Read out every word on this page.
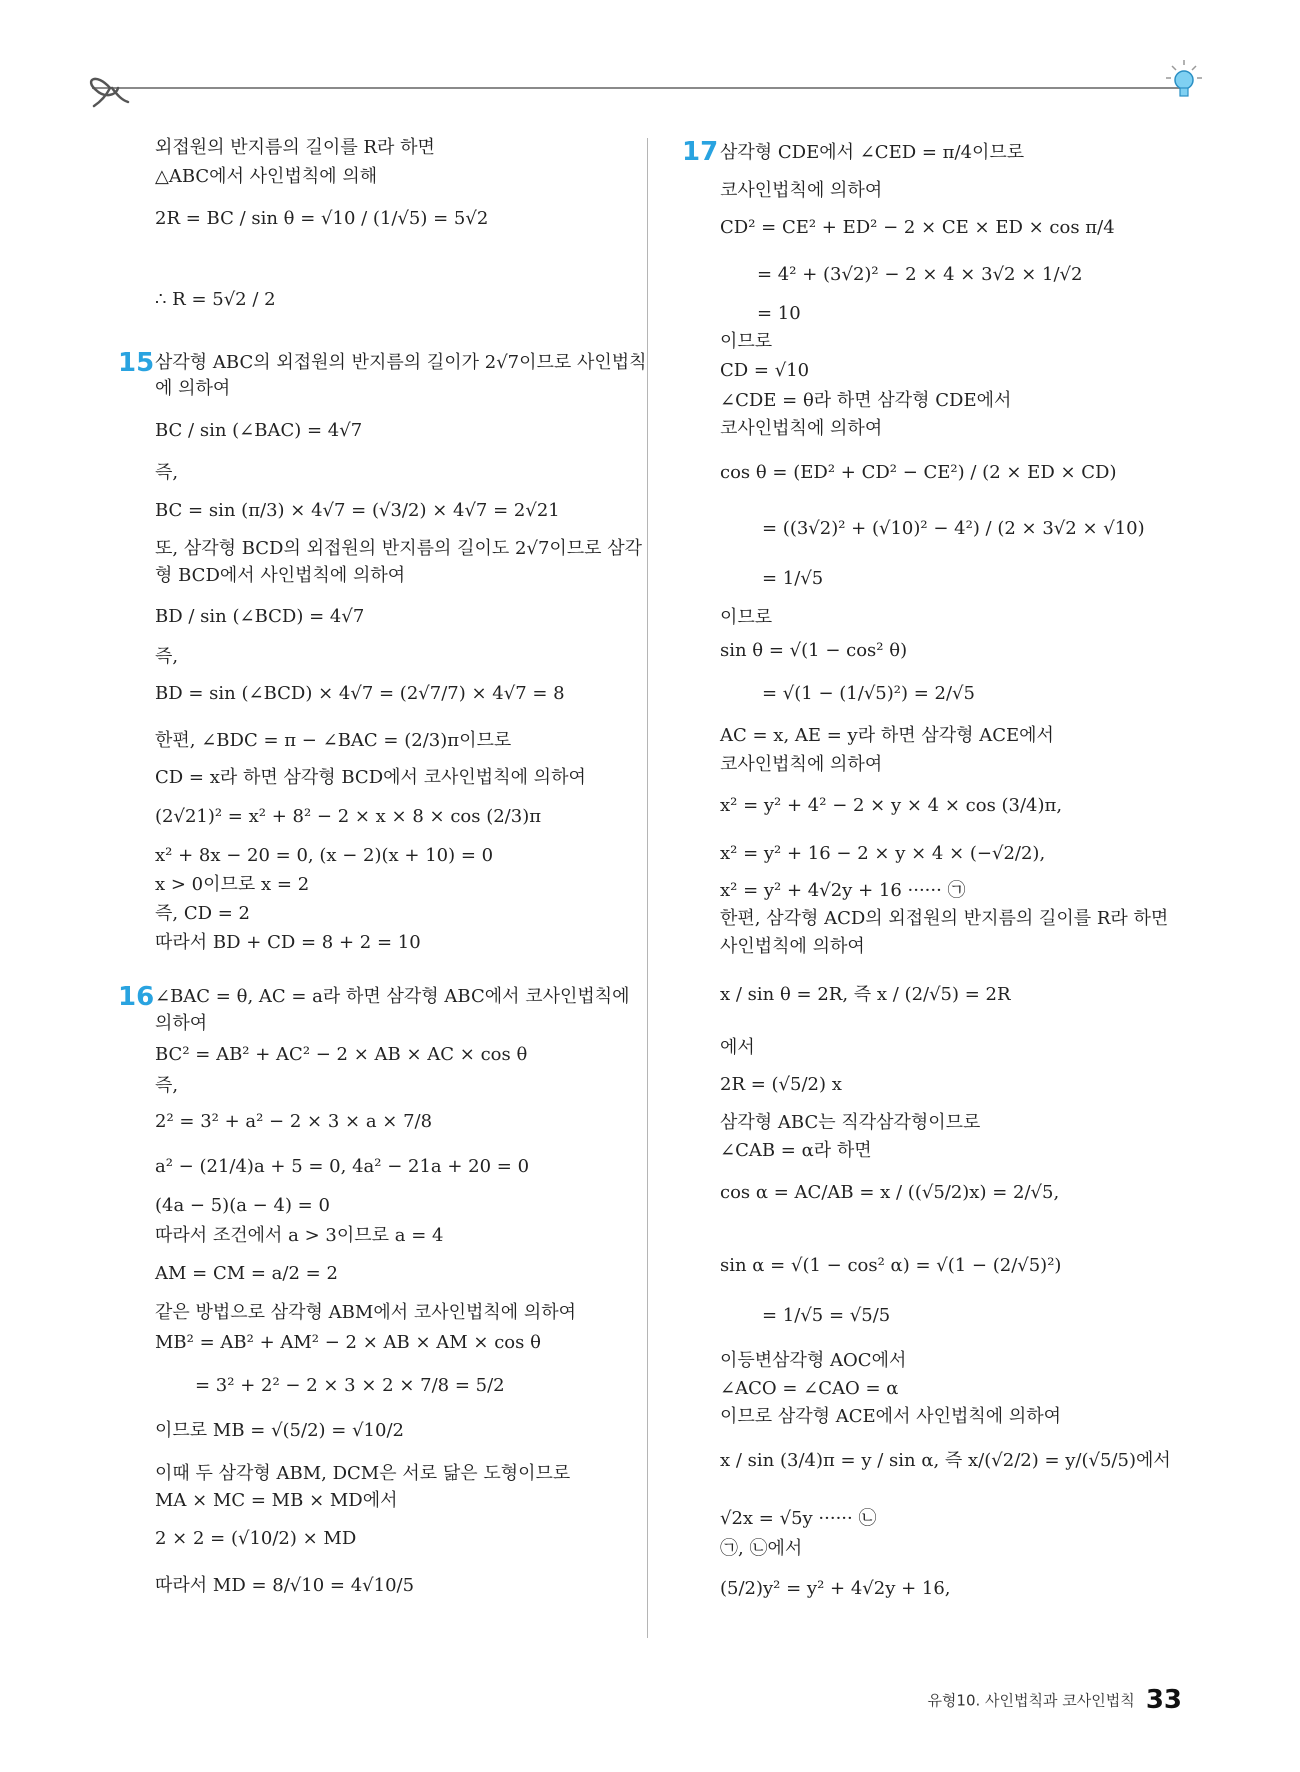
15
16
17
외접원의 반지름의 길이를 R라 하면
△ABC에서 사인법칙에 의해
2R = BC / sin θ = √10 / (1/√5) = 5√2
∴ R = 5√2 / 2
삼각형 ABC의 외접원의 반지름의 길이가 2√7이므로 사인법칙
에 의하여
BC / sin (∠BAC) = 4√7
즉,
BC = sin (π/3) × 4√7 = (√3/2) × 4√7 = 2√21
또, 삼각형 BCD의 외접원의 반지름의 길이도 2√7이므로 삼각
형 BCD에서 사인법칙에 의하여
BD / sin (∠BCD) = 4√7
즉,
BD = sin (∠BCD) × 4√7 = (2√7/7) × 4√7 = 8
한편, ∠BDC = π − ∠BAC = (2/3)π이므로
CD = x라 하면 삼각형 BCD에서 코사인법칙에 의하여
(2√21)² = x² + 8² − 2 × x × 8 × cos (2/3)π
x² + 8x − 20 = 0, (x − 2)(x + 10) = 0
x > 0이므로 x = 2
즉, CD = 2
따라서 BD + CD = 8 + 2 = 10
∠BAC = θ, AC = a라 하면 삼각형 ABC에서 코사인법칙에
의하여
BC² = AB² + AC² − 2 × AB × AC × cos θ
즉,
2² = 3² + a² − 2 × 3 × a × 7/8
a² − (21/4)a + 5 = 0, 4a² − 21a + 20 = 0
(4a − 5)(a − 4) = 0
따라서 조건에서 a > 3이므로 a = 4
AM = CM = a/2 = 2
같은 방법으로 삼각형 ABM에서 코사인법칙에 의하여
MB² = AB² + AM² − 2 × AB × AM × cos θ
= 3² + 2² − 2 × 3 × 2 × 7/8 = 5/2
이므로 MB = √(5/2) = √10/2
이때 두 삼각형 ABM, DCM은 서로 닮은 도형이므로
MA × MC = MB × MD에서
2 × 2 = (√10/2) × MD
따라서 MD = 8/√10 = 4√10/5
삼각형 CDE에서 ∠CED = π/4이므로
코사인법칙에 의하여
CD² = CE² + ED² − 2 × CE × ED × cos π/4
= 4² + (3√2)² − 2 × 4 × 3√2 × 1/√2
= 10
이므로
CD = √10
∠CDE = θ라 하면 삼각형 CDE에서
코사인법칙에 의하여
cos θ = (ED² + CD² − CE²) / (2 × ED × CD)
= ((3√2)² + (√10)² − 4²) / (2 × 3√2 × √10)
= 1/√5
이므로
sin θ = √(1 − cos² θ)
= √(1 − (1/√5)²) = 2/√5
AC = x, AE = y라 하면 삼각형 ACE에서
코사인법칙에 의하여
x² = y² + 4² − 2 × y × 4 × cos (3/4)π,
x² = y² + 16 − 2 × y × 4 × (−√2/2),
x² = y² + 4√2y + 16 ······ ㉠
한편, 삼각형 ACD의 외접원의 반지름의 길이를 R라 하면
사인법칙에 의하여
x / sin θ = 2R, 즉 x / (2/√5) = 2R
에서
2R = (√5/2) x
삼각형 ABC는 직각삼각형이므로
∠CAB = α라 하면
cos α = AC/AB = x / ((√5/2)x) = 2/√5,
sin α = √(1 − cos² α) = √(1 − (2/√5)²)
= 1/√5 = √5/5
이등변삼각형 AOC에서
∠ACO = ∠CAO = α
이므로 삼각형 ACE에서 사인법칙에 의하여
x / sin (3/4)π = y / sin α, 즉 x/(√2/2) = y/(√5/5)에서
√2x = √5y ······ ㉡
㉠, ㉡에서
(5/2)y² = y² + 4√2y + 16,
유형10. 사인법칙과 코사인법칙 33
